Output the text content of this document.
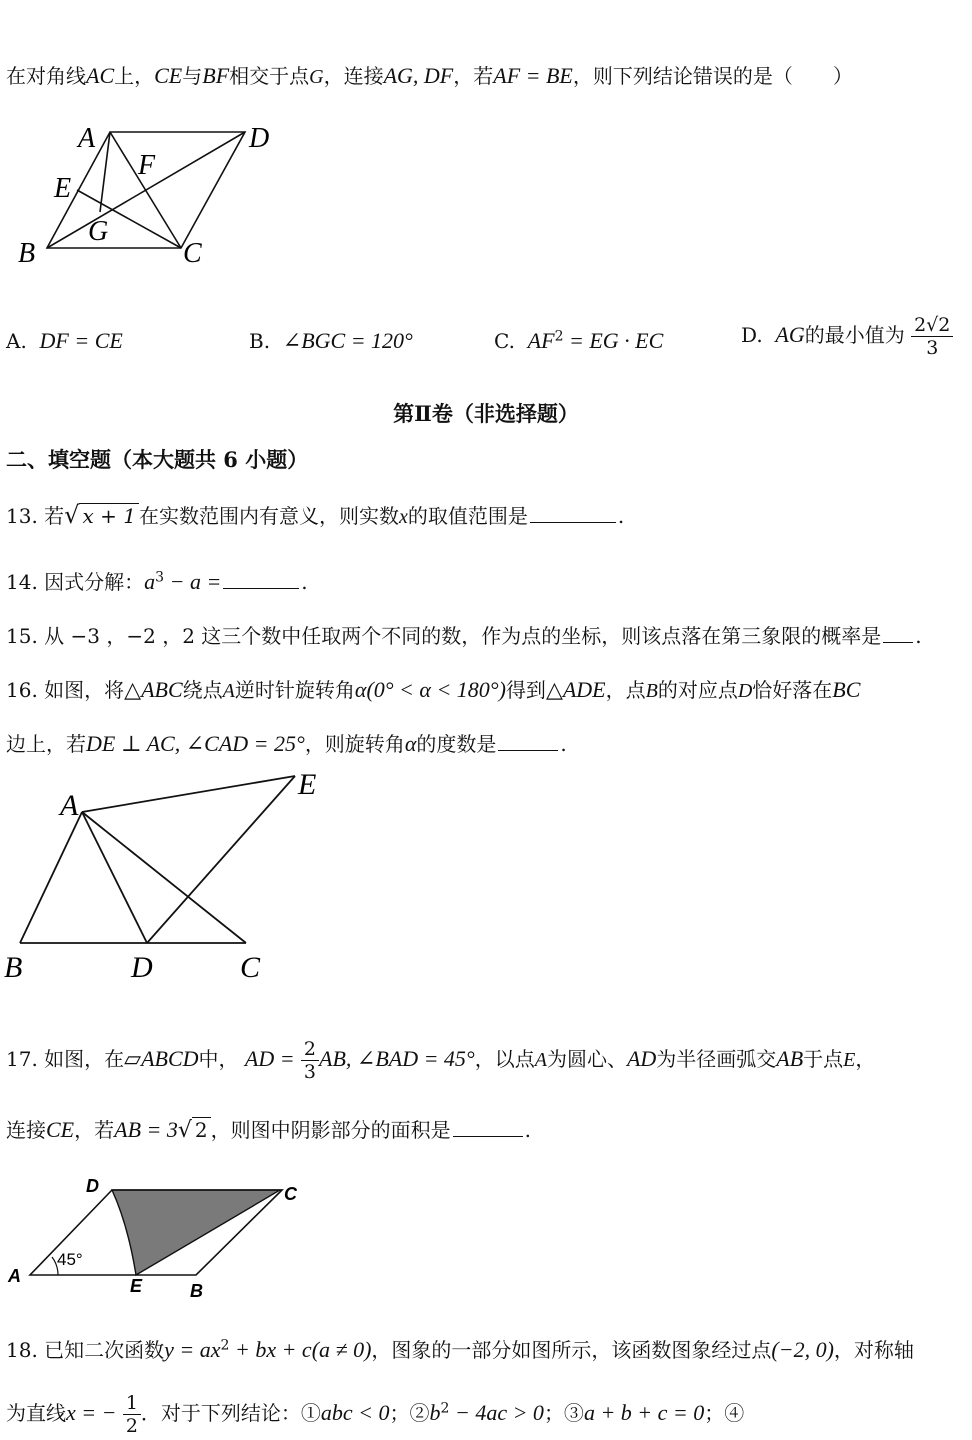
在对角线AC上，CE与BF相交于点G，连接AG, DF，若AF = BE，则下列结论错误的是（　　）
A	D
F
E
G
B	C
A. DF = CE	B. ∠BGC = 120°	C. $AF^2$ = EG · EC	D. AG的最小值为 $\frac{2√2}{3}$
第Ⅱ卷（非选择题）
二、填空题（本大题共 6 小题）
13. 若√ x + 1 在实数范围内有意义，则实数x的取值范围是	.
14. 因式分解：$a^3 - a$ =	.
15. 从 −3 ，−2 ，2 这三个数中任取两个不同的数，作为点的坐标，则该点落在第三象限的概率是 .
16. 如图，将△ABC绕点A逆时针旋转角α(0° < α < 180°)得到△ADE，点B的对应点D恰好落在BC
边上，若DE ⊥ AC, ∠CAD = 25°，则旋转角α的度数是	.
A
E
B	D	C
17. 如图，在▱ABCD中， AD = $\frac{2}{3}$ AB, ∠BAD = 45°，以点A为圆心、AD为半径画弧交AB于点E，
连接CE，若AB = 3√ 2 ，则图中阴影部分的面积是	.
D	C
A	E	B
45°
18. 已知二次函数$y = ax^2$ + bx + c(a ≠ 0)，图象的一部分如图所示，该函数图象经过点(−2, 0)，对称轴
为直线x = − $\frac{1}{2}$ ．对于下列结论：①abc < 0；$②b^2 - 4ac > 0$；③a + b + c = 0；④
